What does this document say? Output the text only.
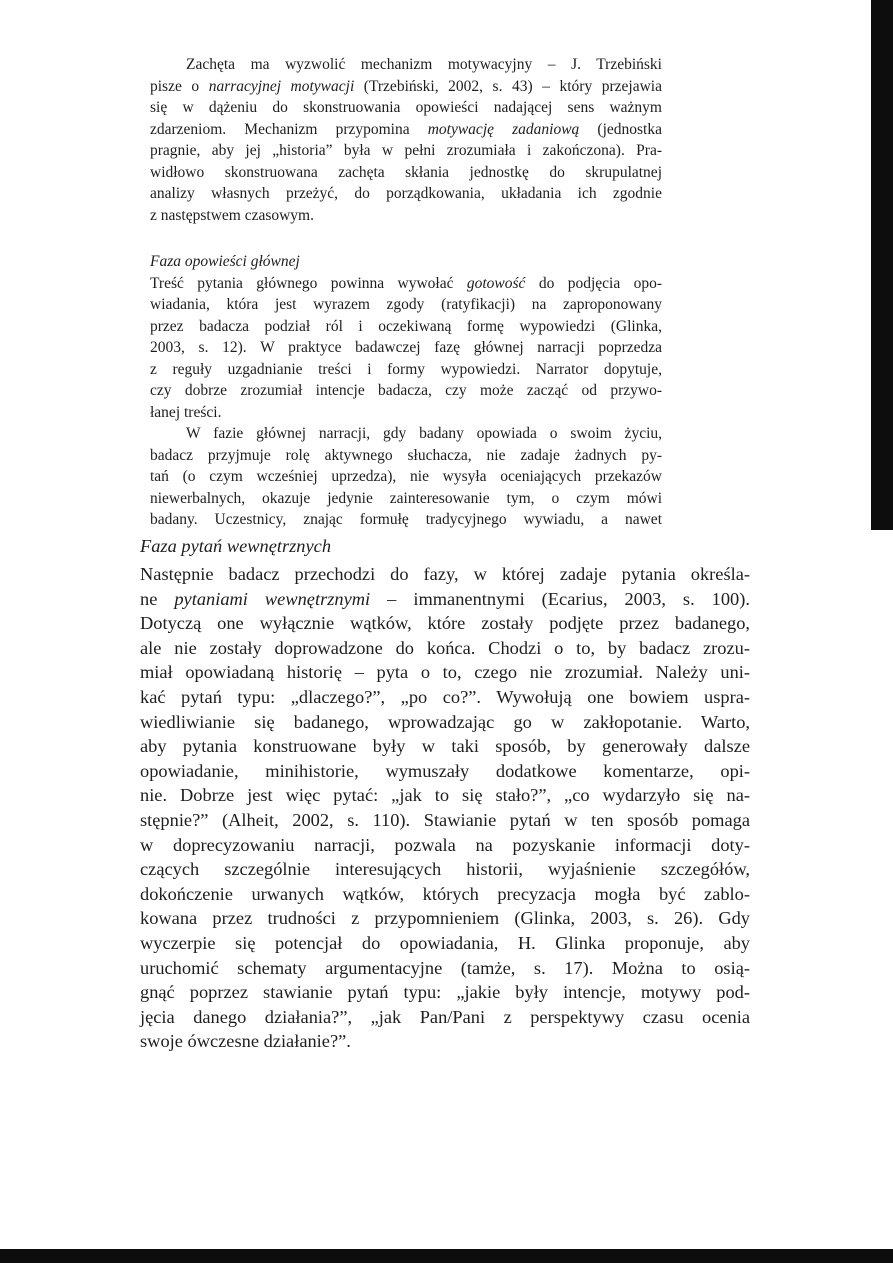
Zachęta ma wyzwolić mechanizm motywacyjny – J. Trzebiński
pisze o narracyjnej motywacji (Trzebiński, 2002, s. 43) – który przejawia
się w dążeniu do skonstruowania opowieści nadającej sens ważnym
zdarzeniom. Mechanizm przypomina motywację zadaniową (jednostka
pragnie, aby jej „historia” była w pełni zrozumiała i zakończona). Pra-
widłowo skonstruowana zachęta skłania jednostkę do skrupulatnej
analizy własnych przeżyć, do porządkowania, układania ich zgodnie
z następstwem czasowym.
Faza opowieści głównej
Treść pytania głównego powinna wywołać gotowość do podjęcia opo-
wiadania, która jest wyrazem zgody (ratyfikacji) na zaproponowany
przez badacza podział ról i oczekiwaną formę wypowiedzi (Glinka,
2003, s. 12). W praktyce badawczej fazę głównej narracji poprzedza
z reguły uzgadnianie treści i formy wypowiedzi. Narrator dopytuje,
czy dobrze zrozumiał intencje badacza, czy może zacząć od przywo-
łanej treści.
W fazie głównej narracji, gdy badany opowiada o swoim życiu,
badacz przyjmuje rolę aktywnego słuchacza, nie zadaje żadnych py-
tań (o czym wcześniej uprzedza), nie wysyła oceniających przekazów
niewerbalnych, okazuje jedynie zainteresowanie tym, o czym mówi
badany. Uczestnicy, znając formułę tradycyjnego wywiadu, a nawet
Faza pytań wewnętrznych
Następnie badacz przechodzi do fazy, w której zadaje pytania określa-
ne pytaniami wewnętrznymi – immanentnymi (Ecarius, 2003, s. 100).
Dotyczą one wyłącznie wątków, które zostały podjęte przez badanego,
ale nie zostały doprowadzone do końca. Chodzi o to, by badacz zrozu-
miał opowiadaną historię – pyta o to, czego nie zrozumiał. Należy uni-
kać pytań typu: „dlaczego?”, „po co?”. Wywołują one bowiem uspra-
wiedliwianie się badanego, wprowadzając go w zakłopotanie. Warto,
aby pytania konstruowane były w taki sposób, by generowały dalsze
opowiadanie, minihistorie, wymuszały dodatkowe komentarze, opi-
nie. Dobrze jest więc pytać: „jak to się stało?”, „co wydarzyło się na-
stępnie?” (Alheit, 2002, s. 110). Stawianie pytań w ten sposób pomaga
w doprecyzowaniu narracji, pozwala na pozyskanie informacji doty-
czących szczególnie interesujących historii, wyjaśnienie szczegółów,
dokończenie urwanych wątków, których precyzacja mogła być zablo-
kowana przez trudności z przypomnieniem (Glinka, 2003, s. 26). Gdy
wyczerpie się potencjał do opowiadania, H. Glinka proponuje, aby
uruchomić schematy argumentacyjne (tamże, s. 17). Można to osią-
gnąć poprzez stawianie pytań typu: „jakie były intencje, motywy pod-
jęcia danego działania?”, „jak Pan/Pani z perspektywy czasu ocenia
swoje ówczesne działanie?”.
